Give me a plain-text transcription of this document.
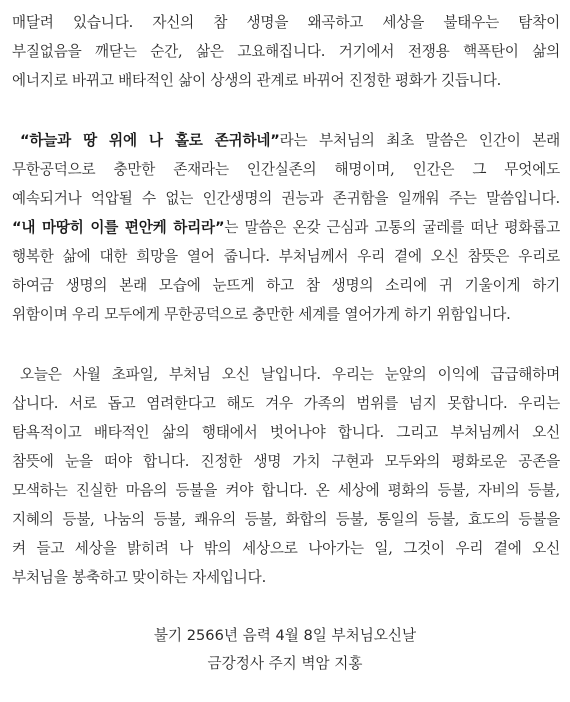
매달려 있습니다. 자신의 참 생명을 왜곡하고 세상을 불태우는 탐착이
부질없음을 깨닫는 순간, 삶은 고요해집니다. 거기에서 전쟁용 핵폭탄이 삶의
에너지로 바뀌고 배타적인 삶이 상생의 관계로 바뀌어 진정한 평화가 깃듭니다.
“하늘과 땅 위에 나 홀로 존귀하네”라는 부처님의 최초 말씀은 인간이 본래
무한공덕으로 충만한 존재라는 인간실존의 해명이며, 인간은 그 무엇에도
예속되거나 억압될 수 없는 인간생명의 권능과 존귀함을 일깨워 주는 말씀입니다.
“내 마땅히 이를 편안케 하리라”는 말씀은 온갖 근심과 고통의 굴레를 떠난 평화롭고
행복한 삶에 대한 희망을 열어 줍니다. 부처님께서 우리 곁에 오신 참뜻은 우리로
하여금 생명의 본래 모습에 눈뜨게 하고 참 생명의 소리에 귀 기울이게 하기
위함이며 우리 모두에게 무한공덕으로 충만한 세계를 열어가게 하기 위함입니다.
오늘은 사월 초파일, 부처님 오신 날입니다. 우리는 눈앞의 이익에 급급해하며
삽니다. 서로 돕고 염려한다고 해도 겨우 가족의 범위를 넘지 못합니다. 우리는
탐욕적이고 배타적인 삶의 행태에서 벗어나야 합니다. 그리고 부처님께서 오신
참뜻에 눈을 떠야 합니다. 진정한 생명 가치 구현과 모두와의 평화로운 공존을
모색하는 진실한 마음의 등불을 켜야 합니다. 온 세상에 평화의 등불, 자비의 등불,
지혜의 등불, 나눔의 등불, 쾌유의 등불, 화합의 등불, 통일의 등불, 효도의 등불을
켜 들고 세상을 밝히려 나 밖의 세상으로 나아가는 일, 그것이 우리 곁에 오신
부처님을 봉축하고 맞이하는 자세입니다.
불기 2566년 음력 4월 8일 부처님오신날
금강정사 주지 벽암 지홍
